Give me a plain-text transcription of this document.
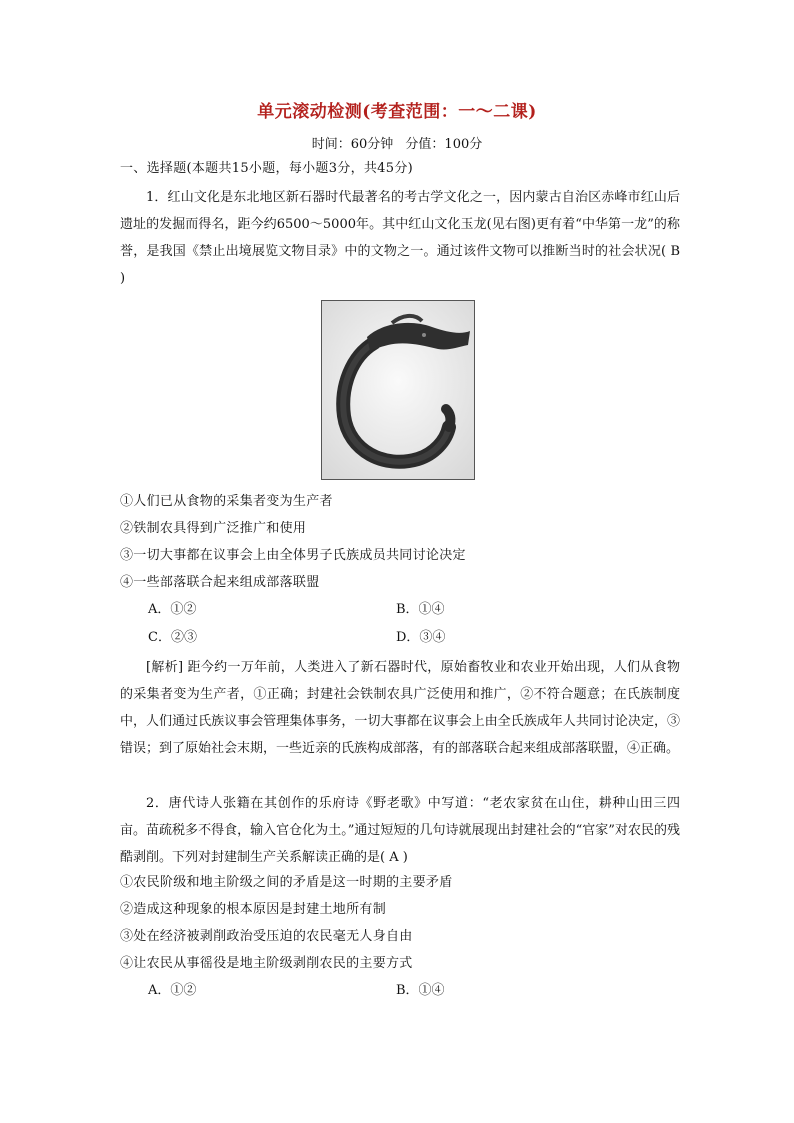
单元滚动检测(考查范围：一～二课)
时间：60分钟 分值：100分
一、选择题(本题共15小题，每小题3分，共45分)
1．红山文化是东北地区新石器时代最著名的考古学文化之一，因内蒙古自治区赤峰市红山后遗址的发掘而得名，距今约6500～5000年。其中红山文化玉龙(见右图)更有着“中华第一龙”的称誉，是我国《禁止出境展览文物目录》中的文物之一。通过该件文物可以推断当时的社会状况( B )
①人们已从食物的采集者变为生产者
②铁制农具得到广泛推广和使用
③一切大事都在议事会上由全体男子氏族成员共同讨论决定
④一些部落联合起来组成部落联盟
A．①②	B．①④
C．②③	D．③④
[解析] 距今约一万年前，人类进入了新石器时代，原始畜牧业和农业开始出现，人们从食物的采集者变为生产者，①正确；封建社会铁制农具广泛使用和推广，②不符合题意；在氏族制度中，人们通过氏族议事会管理集体事务，一切大事都在议事会上由全氏族成年人共同讨论决定，③错误；到了原始社会末期，一些近亲的氏族构成部落，有的部落联合起来组成部落联盟，④正确。
2．唐代诗人张籍在其创作的乐府诗《野老歌》中写道：“老农家贫在山住，耕种山田三四亩。苗疏税多不得食，输入官仓化为土。”通过短短的几句诗就展现出封建社会的“官家”对农民的残酷剥削。下列对封建制生产关系解读正确的是( A )
①农民阶级和地主阶级之间的矛盾是这一时期的主要矛盾
②造成这种现象的根本原因是封建土地所有制
③处在经济被剥削政治受压迫的农民毫无人身自由
④让农民从事徭役是地主阶级剥削农民的主要方式
A．①②	B．①④
